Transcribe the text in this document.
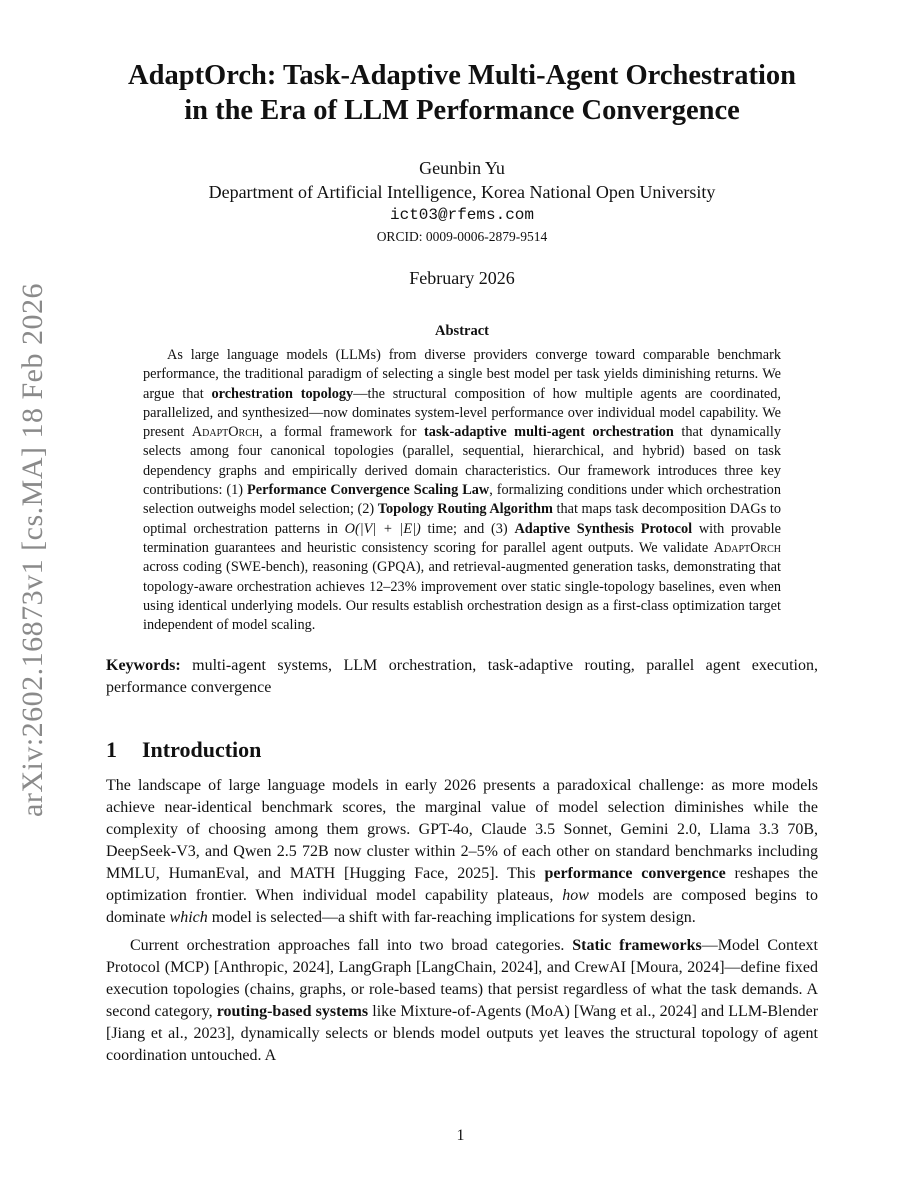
arXiv:2602.16873v1 [cs.MA] 18 Feb 2026
AdaptOrch: Task-Adaptive Multi-Agent Orchestration
in the Era of LLM Performance Convergence
Geunbin Yu
Department of Artificial Intelligence, Korea National Open University
ict03@rfems.com
ORCID: 0009-0006-2879-9514
February 2026
Abstract
As large language models (LLMs) from diverse providers converge toward comparable benchmark performance, the traditional paradigm of selecting a single best model per task yields diminishing returns. We argue that orchestration topology—the structural composition of how multiple agents are coordinated, parallelized, and synthesized—now dominates system-level performance over individual model capability. We present AdaptOrch, a formal framework for task-adaptive multi-agent orchestration that dynamically selects among four canonical topologies (parallel, sequential, hierarchical, and hybrid) based on task dependency graphs and empirically derived domain characteristics. Our framework introduces three key contributions: (1) Performance Convergence Scaling Law, formalizing conditions under which orchestration selection outweighs model selection; (2) Topology Routing Algorithm that maps task decomposition DAGs to optimal orchestration patterns in O(|V| + |E|) time; and (3) Adaptive Synthesis Protocol with provable termination guarantees and heuristic consistency scoring for parallel agent outputs. We validate AdaptOrch across coding (SWE-bench), reasoning (GPQA), and retrieval-augmented generation tasks, demonstrating that topology-aware orchestration achieves 12–23% improvement over static single-topology baselines, even when using identical underlying models. Our results establish orchestration design as a first-class optimization target independent of model scaling.
Keywords: multi-agent systems, LLM orchestration, task-adaptive routing, parallel agent execution, performance convergence
1 Introduction

The landscape of large language models in early 2026 presents a paradoxical challenge: as more models achieve near-identical benchmark scores, the marginal value of model selection diminishes while the complexity of choosing among them grows. GPT-4o, Claude 3.5 Sonnet, Gemini 2.0, Llama 3.3 70B, DeepSeek-V3, and Qwen 2.5 72B now cluster within 2–5% of each other on standard benchmarks including MMLU, HumanEval, and MATH [Hugging Face, 2025]. This performance convergence reshapes the optimization frontier. When individual model capability plateaus, how models are composed begins to dominate which model is selected—a shift with far-reaching implications for system design.

Current orchestration approaches fall into two broad categories. Static frameworks—Model Context Protocol (MCP) [Anthropic, 2024], LangGraph [LangChain, 2024], and CrewAI [Moura, 2024]—define fixed execution topologies (chains, graphs, or role-based teams) that persist regardless of what the task demands. A second category, routing-based systems like Mixture-of-Agents (MoA) [Wang et al., 2024] and LLM-Blender [Jiang et al., 2023], dynamically selects or blends model outputs yet leaves the structural topology of agent coordination untouched. A

1
